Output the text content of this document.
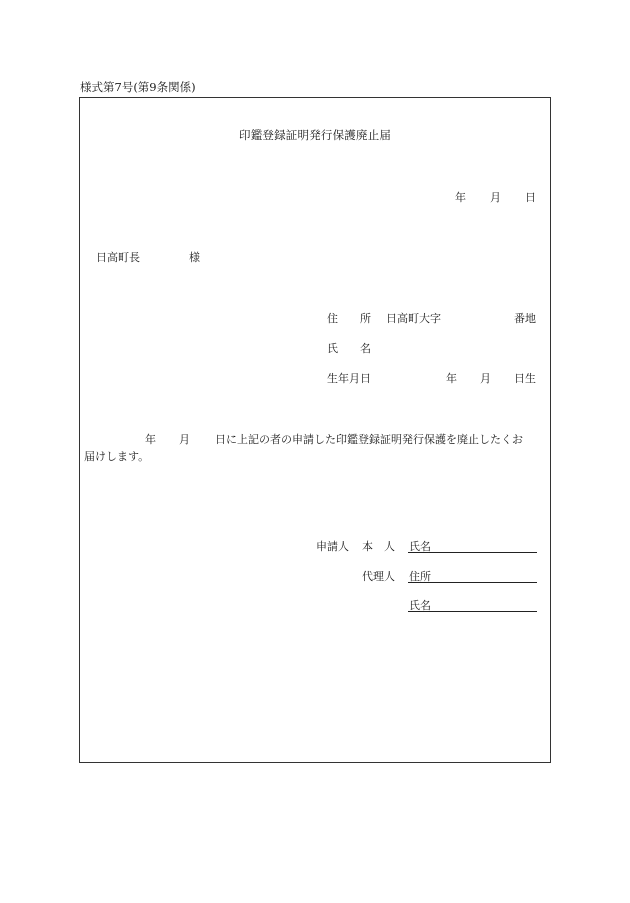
様式第7号(第9条関係)
印鑑登録証明発行保護廃止届
年 月 日
日高町長	様
住　　所 日高町大字	番地
氏　　名
生年月日	年 月 日生
年 月 日に上記の者の申請した印鑑登録証明発行保護を廃止したくお
届けします。
申請人 本　人 氏名
代理人 住所
氏名
